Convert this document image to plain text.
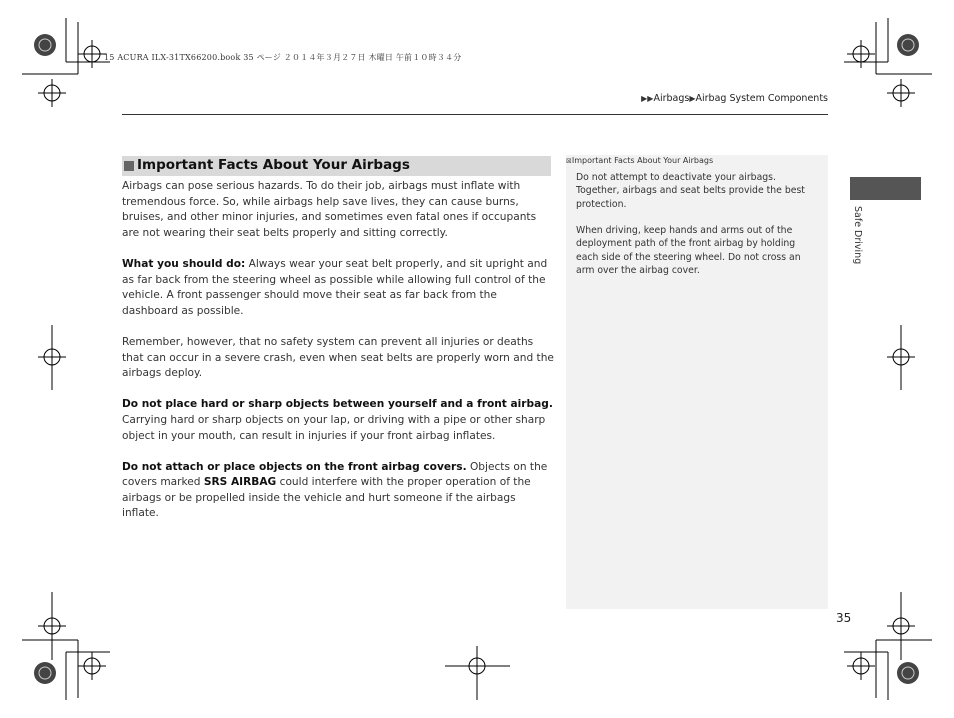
15 ACURA ILX-31TX66200.book 35 ページ ２０１４年３月２７日 木曜日 午前１０時３４分
▶▶Airbags▶Airbag System Components
Important Facts About Your Airbags

Airbags can pose serious hazards. To do their job, airbags must inflate with tremendous force. So, while airbags help save lives, they can cause burns, bruises, and other minor injuries, and sometimes even fatal ones if occupants are not wearing their seat belts properly and sitting correctly.

What you should do: Always wear your seat belt properly, and sit upright and as far back from the steering wheel as possible while allowing full control of the vehicle. A front passenger should move their seat as far back from the dashboard as possible.

Remember, however, that no safety system can prevent all injuries or deaths that can occur in a severe crash, even when seat belts are properly worn and the airbags deploy.

Do not place hard or sharp objects between yourself and a front airbag.
Carrying hard or sharp objects on your lap, or driving with a pipe or other sharp object in your mouth, can result in injuries if your front airbag inflates.

Do not attach or place objects on the front airbag covers. Objects on the covers marked SRS AIRBAG could interfere with the proper operation of the airbags or be propelled inside the vehicle and hurt someone if the airbags inflate.

⊠Important Facts About Your Airbags

Do not attempt to deactivate your airbags. Together, airbags and seat belts provide the best protection.

When driving, keep hands and arms out of the deployment path of the front airbag by holding each side of the steering wheel. Do not cross an arm over the airbag cover.

Safe Driving
35
